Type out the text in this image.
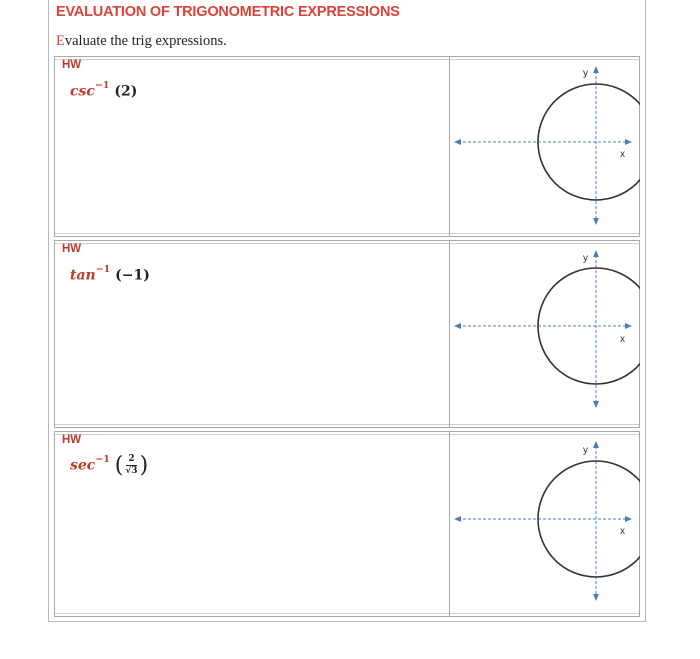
EVALUATION OF TRIGONOMETRIC EXPRESSIONS
Evaluate the trig expressions.
HW
$\csc^{-1} (2)$
y
x
HW
$\tan^{-1} (-1)$
y
x
HW
$\sec^{-1}$ ( $\frac{2}{√3}$ )
y
x
